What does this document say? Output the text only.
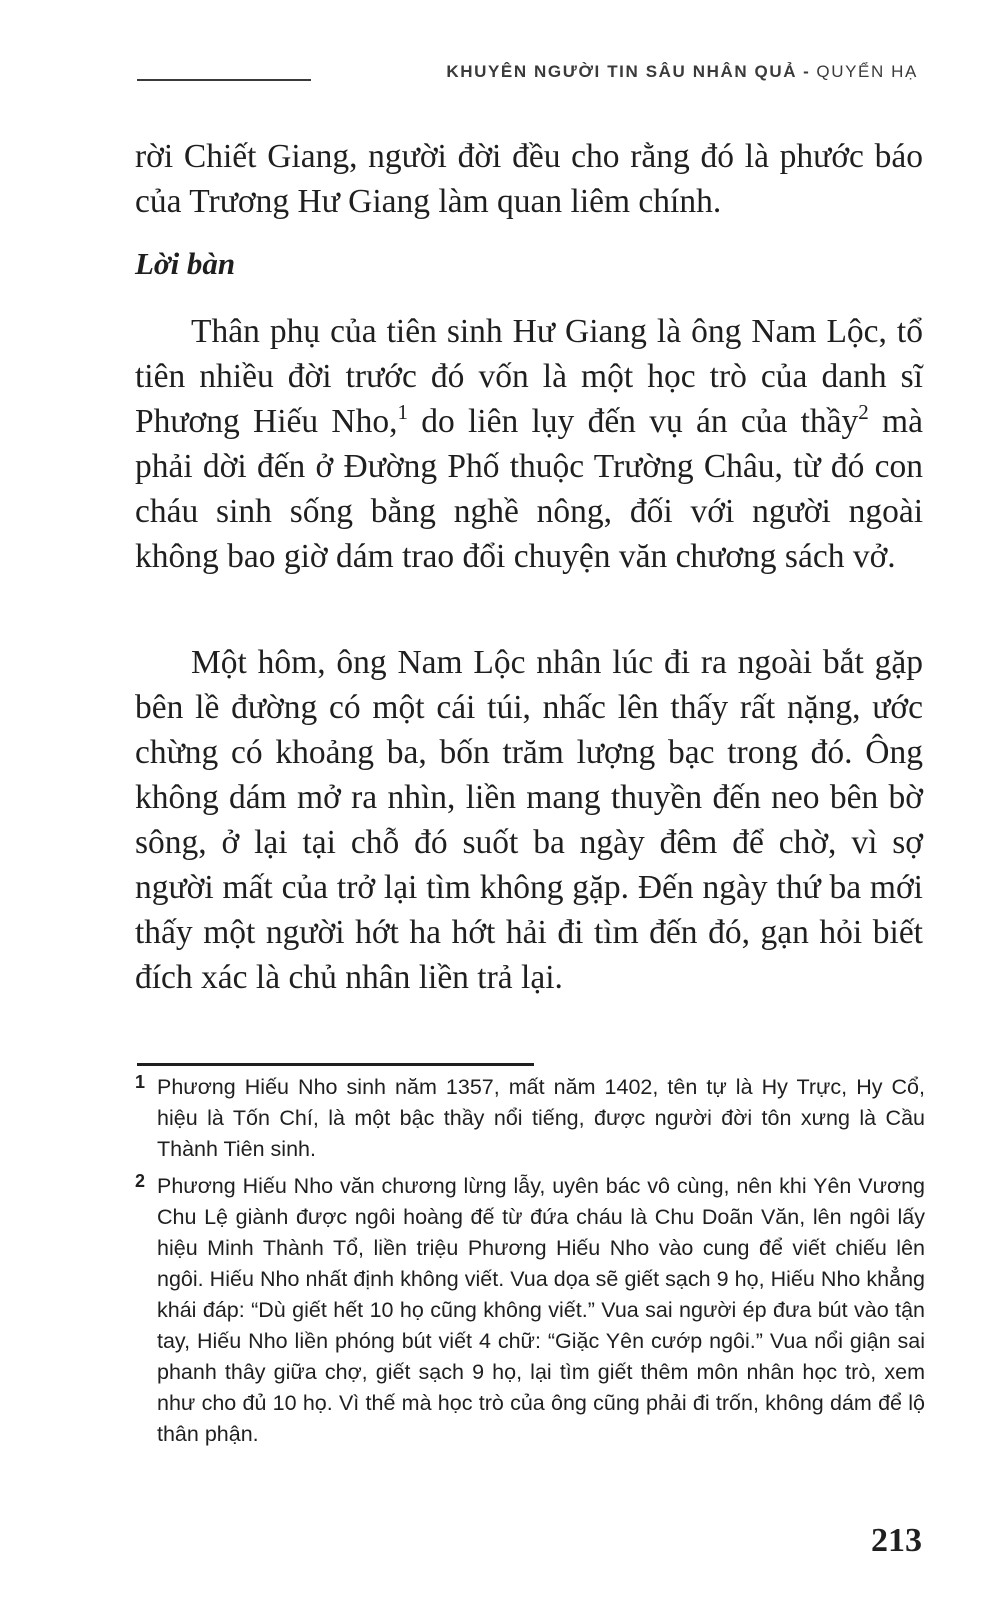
KHUYÊN NGƯỜI TIN SÂU NHÂN QUẢ - QUYỂN HẠ

rời Chiết Giang, người đời đều cho rằng đó là phước báo của Trương Hư Giang làm quan liêm chính.

Lời bàn

Thân phụ của tiên sinh Hư Giang là ông Nam Lộc, tổ tiên nhiều đời trước đó vốn là một học trò của danh sĩ Phương Hiếu Nho,$^1$ do liên lụy đến vụ án của thầy$^2$ mà phải dời đến ở Đường Phố thuộc Trường Châu, từ đó con cháu sinh sống bằng nghề nông, đối với người ngoài không bao giờ dám trao đổi chuyện văn chương sách vở.

Một hôm, ông Nam Lộc nhân lúc đi ra ngoài bắt gặp bên lề đường có một cái túi, nhấc lên thấy rất nặng, ước chừng có khoảng ba, bốn trăm lượng bạc trong đó. Ông không dám mở ra nhìn, liền mang thuyền đến neo bên bờ sông, ở lại tại chỗ đó suốt ba ngày đêm để chờ, vì sợ người mất của trở lại tìm không gặp. Đến ngày thứ ba mới thấy một người hớt ha hớt hải đi tìm đến đó, gạn hỏi biết đích xác là chủ nhân liền trả lại.

1 Phương Hiếu Nho sinh năm 1357, mất năm 1402, tên tự là Hy Trực, Hy Cổ, hiệu là Tốn Chí, là một bậc thầy nổi tiếng, được người đời tôn xưng là Cầu Thành Tiên sinh.
2 Phương Hiếu Nho văn chương lừng lẫy, uyên bác vô cùng, nên khi Yên Vương Chu Lệ giành được ngôi hoàng đế từ đứa cháu là Chu Doãn Văn, lên ngôi lấy hiệu Minh Thành Tổ, liền triệu Phương Hiếu Nho vào cung để viết chiếu lên ngôi. Hiếu Nho nhất định không viết. Vua dọa sẽ giết sạch 9 họ, Hiếu Nho khẳng khái đáp: “Dù giết hết 10 họ cũng không viết.” Vua sai người ép đưa bút vào tận tay, Hiếu Nho liền phóng bút viết 4 chữ: “Giặc Yên cướp ngôi.” Vua nổi giận sai phanh thây giữa chợ, giết sạch 9 họ, lại tìm giết thêm môn nhân học trò, xem như cho đủ 10 họ. Vì thế mà học trò của ông cũng phải đi trốn, không dám để lộ thân phận.
213
